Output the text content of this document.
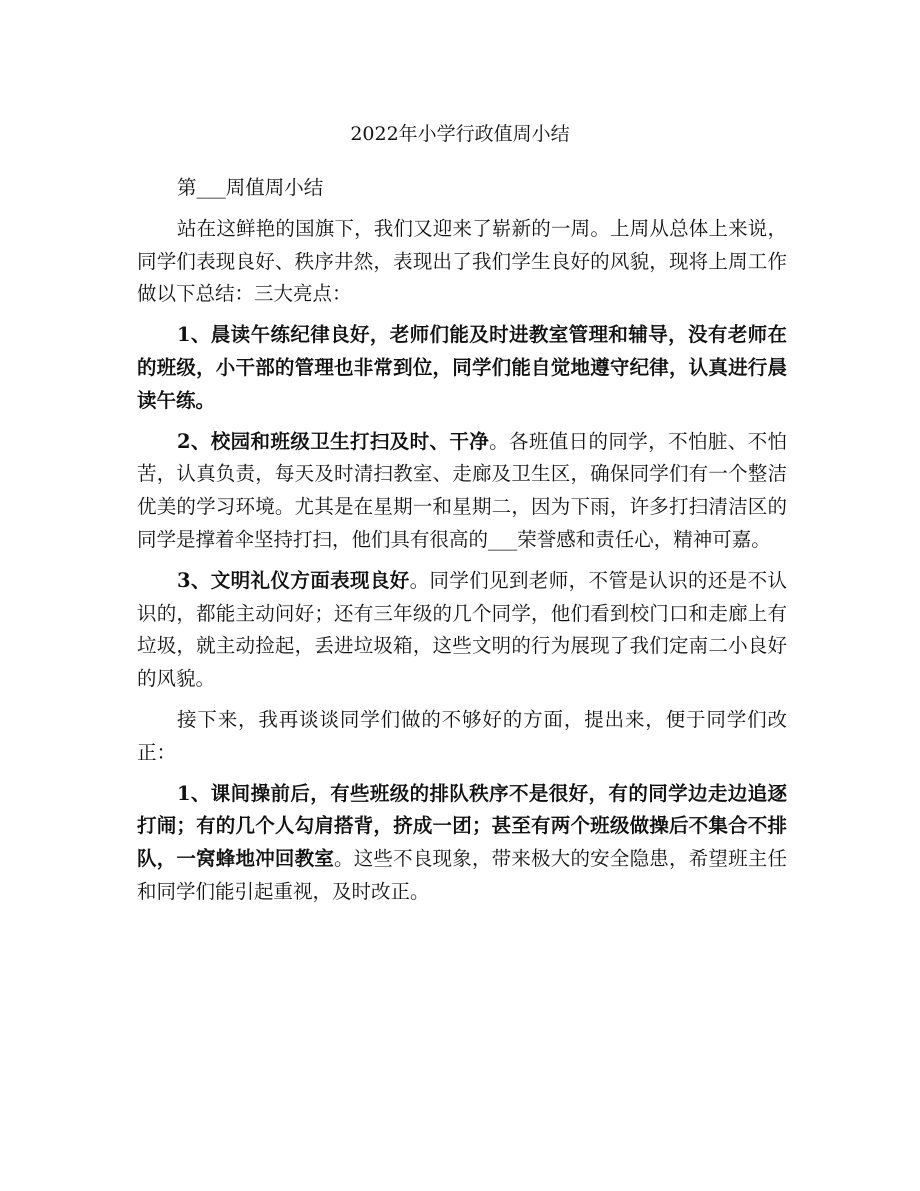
2022年小学行政值周小结

第___周值周小结

站在这鲜艳的国旗下，我们又迎来了崭新的一周。上周从总体上来说，同学们表现良好、秩序井然，表现出了我们学生良好的风貌，现将上周工作做以下总结：三大亮点：

1、晨读午练纪律良好，老师们能及时进教室管理和辅导，没有老师在的班级，小干部的管理也非常到位，同学们能自觉地遵守纪律，认真进行晨读午练。

2、校园和班级卫生打扫及时、干净。各班值日的同学，不怕脏、不怕苦，认真负责，每天及时清扫教室、走廊及卫生区，确保同学们有一个整洁优美的学习环境。尤其是在星期一和星期二，因为下雨，许多打扫清洁区的同学是撑着伞坚持打扫，他们具有很高的___荣誉感和责任心，精神可嘉。

3、文明礼仪方面表现良好。同学们见到老师，不管是认识的还是不认识的，都能主动问好；还有三年级的几个同学，他们看到校门口和走廊上有垃圾，就主动捡起，丢进垃圾箱，这些文明的行为展现了我们定南二小良好的风貌。

接下来，我再谈谈同学们做的不够好的方面，提出来，便于同学们改正：

1、课间操前后，有些班级的排队秩序不是很好，有的同学边走边追逐打闹；有的几个人勾肩搭背，挤成一团；甚至有两个班级做操后不集合不排队，一窝蜂地冲回教室。这些不良现象，带来极大的安全隐患，希望班主任和同学们能引起重视，及时改正。
